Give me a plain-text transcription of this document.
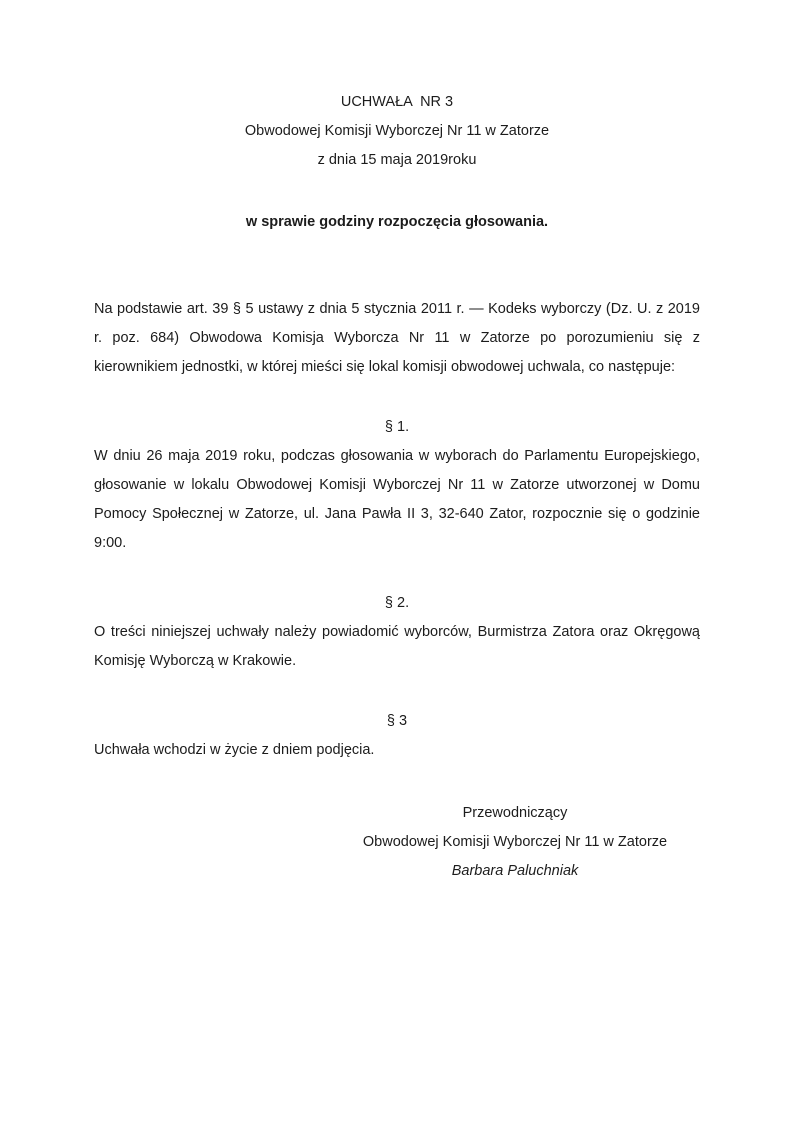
UCHWAŁA  NR 3

Obwodowej Komisji Wyborczej Nr 11 w Zatorze

z dnia 15 maja 2019roku

w sprawie godziny rozpoczęcia głosowania.

Na podstawie art. 39 § 5 ustawy z dnia 5 stycznia 2011 r. — Kodeks wyborczy (Dz. U. z 2019 r. poz. 684) Obwodowa Komisja Wyborcza Nr 11 w Zatorze po porozumieniu się z kierownikiem jednostki, w której mieści się lokal komisji obwodowej uchwala, co następuje:

§ 1.

W dniu 26 maja 2019 roku, podczas głosowania w wyborach do Parlamentu Europejskiego, głosowanie w lokalu Obwodowej Komisji Wyborczej Nr 11 w Zatorze utworzonej w Domu Pomocy Społecznej w Zatorze, ul. Jana Pawła II 3, 32-640 Zator, rozpocznie się o godzinie 9:00.

§ 2.

O treści niniejszej uchwały należy powiadomić wyborców, Burmistrza Zatora oraz Okręgową Komisję Wyborczą w Krakowie.

§ 3

Uchwała wchodzi w życie z dniem podjęcia.

Przewodniczący

Obwodowej Komisji Wyborczej Nr 11 w Zatorze

Barbara Paluchniak
